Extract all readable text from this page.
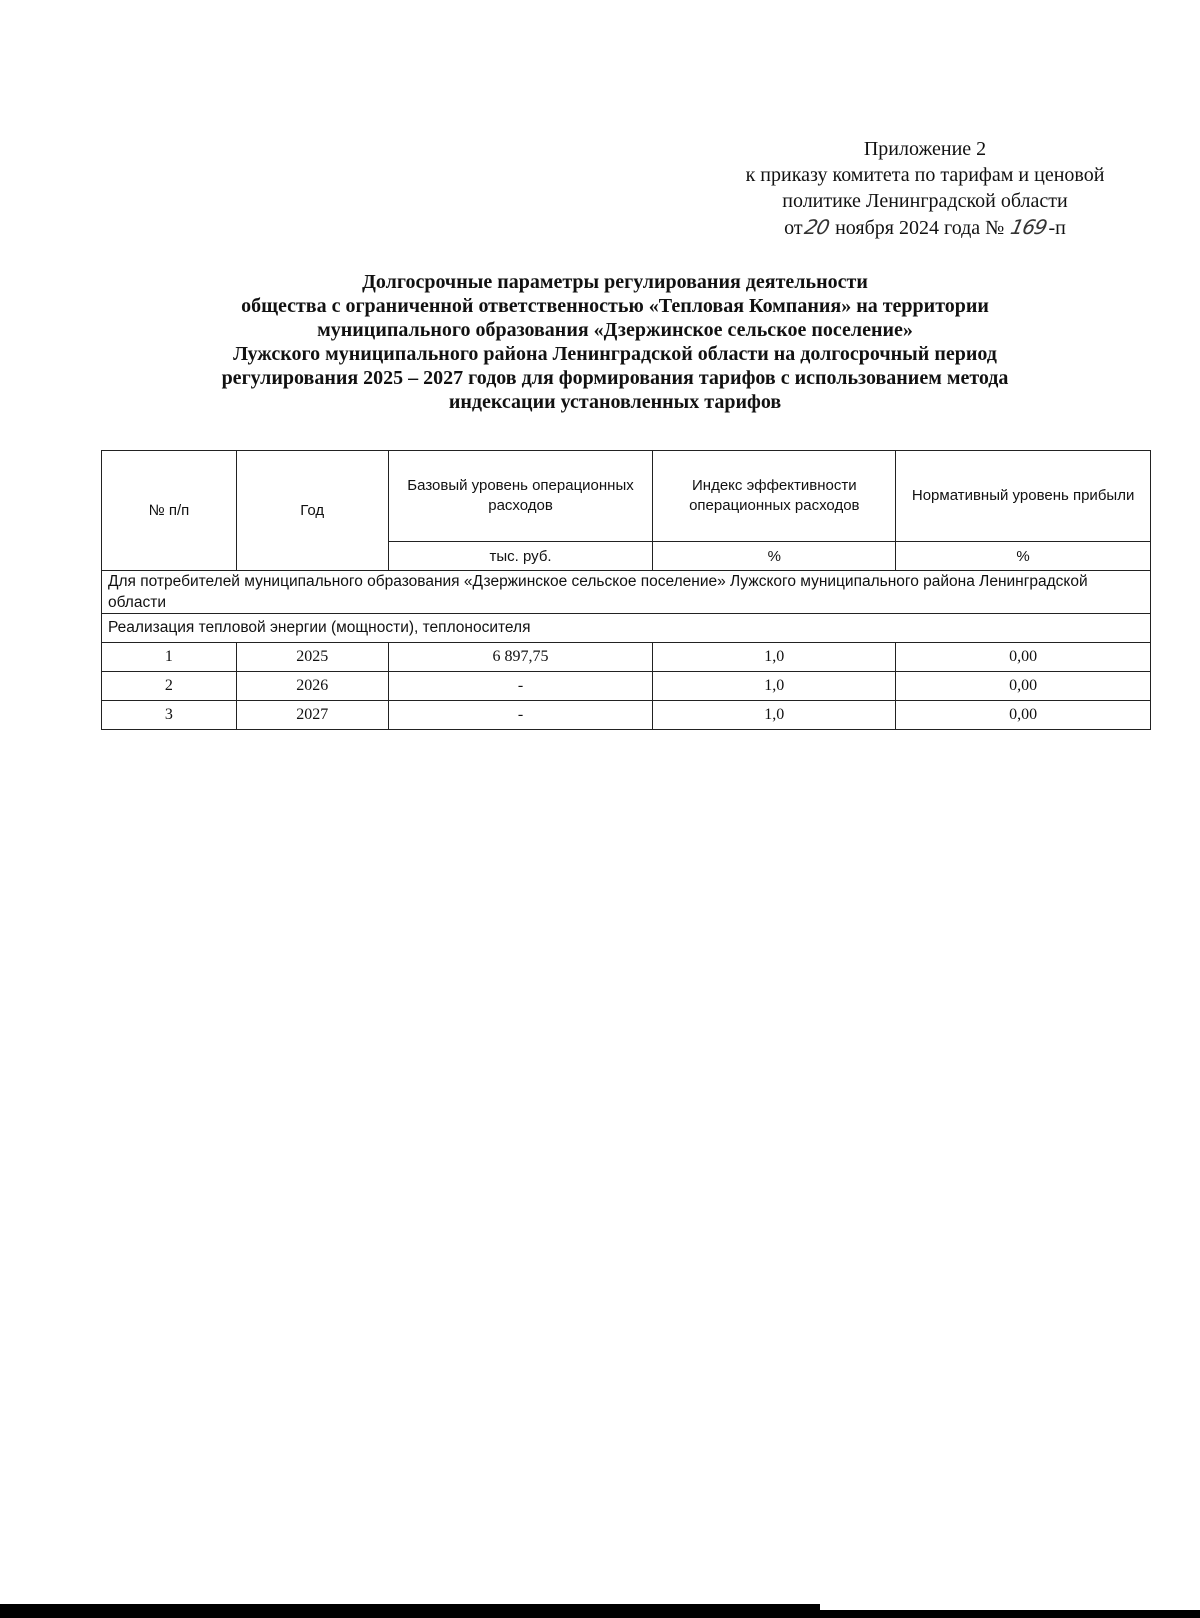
Приложение 2
к приказу комитета по тарифам и ценовой
политике Ленинградской области
от20 ноября 2024 года № 169-п
Долгосрочные параметры регулирования деятельности
общества с ограниченной ответственностью «Тепловая Компания» на территории
муниципального образования «Дзержинское сельское поселение»
Лужского муниципального района Ленинградской области на долгосрочный период
регулирования 2025 – 2027 годов для формирования тарифов с использованием метода
индексации установленных тарифов
№ п/п	Год	Базовый уровень операционных расходов	Индекс эффективности операционных расходов	Нормативный уровень прибыли
		тыс. руб.	%	%
Для потребителей муниципального образования «Дзержинское сельское поселение» Лужского муниципального района Ленинградской области				
Реализация тепловой энергии (мощности), теплоносителя				
1	2025	6 897,75	1,0	0,00
2	2026	-	1,0	0,00
3	2027	-	1,0	0,00
